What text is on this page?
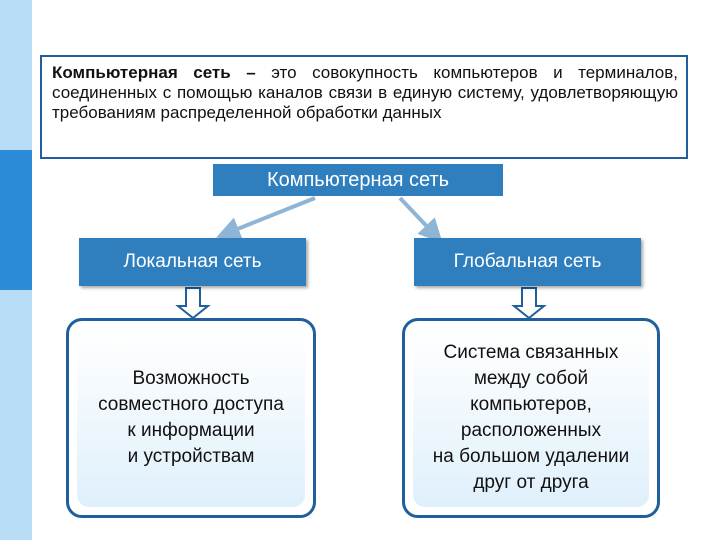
Компьютерная сеть – это совокупность компьютеров и терминалов, соединенных с помощью каналов связи в единую систему, удовлетворяющую требованиям распределенной обработки данных
Компьютерная сеть
Локальная сеть	Глобальная сеть
Возможность
совместного доступа
к информации
и устройствам
Система связанных
между собой
компьютеров,
расположенных
на большом удалении
друг от друга
